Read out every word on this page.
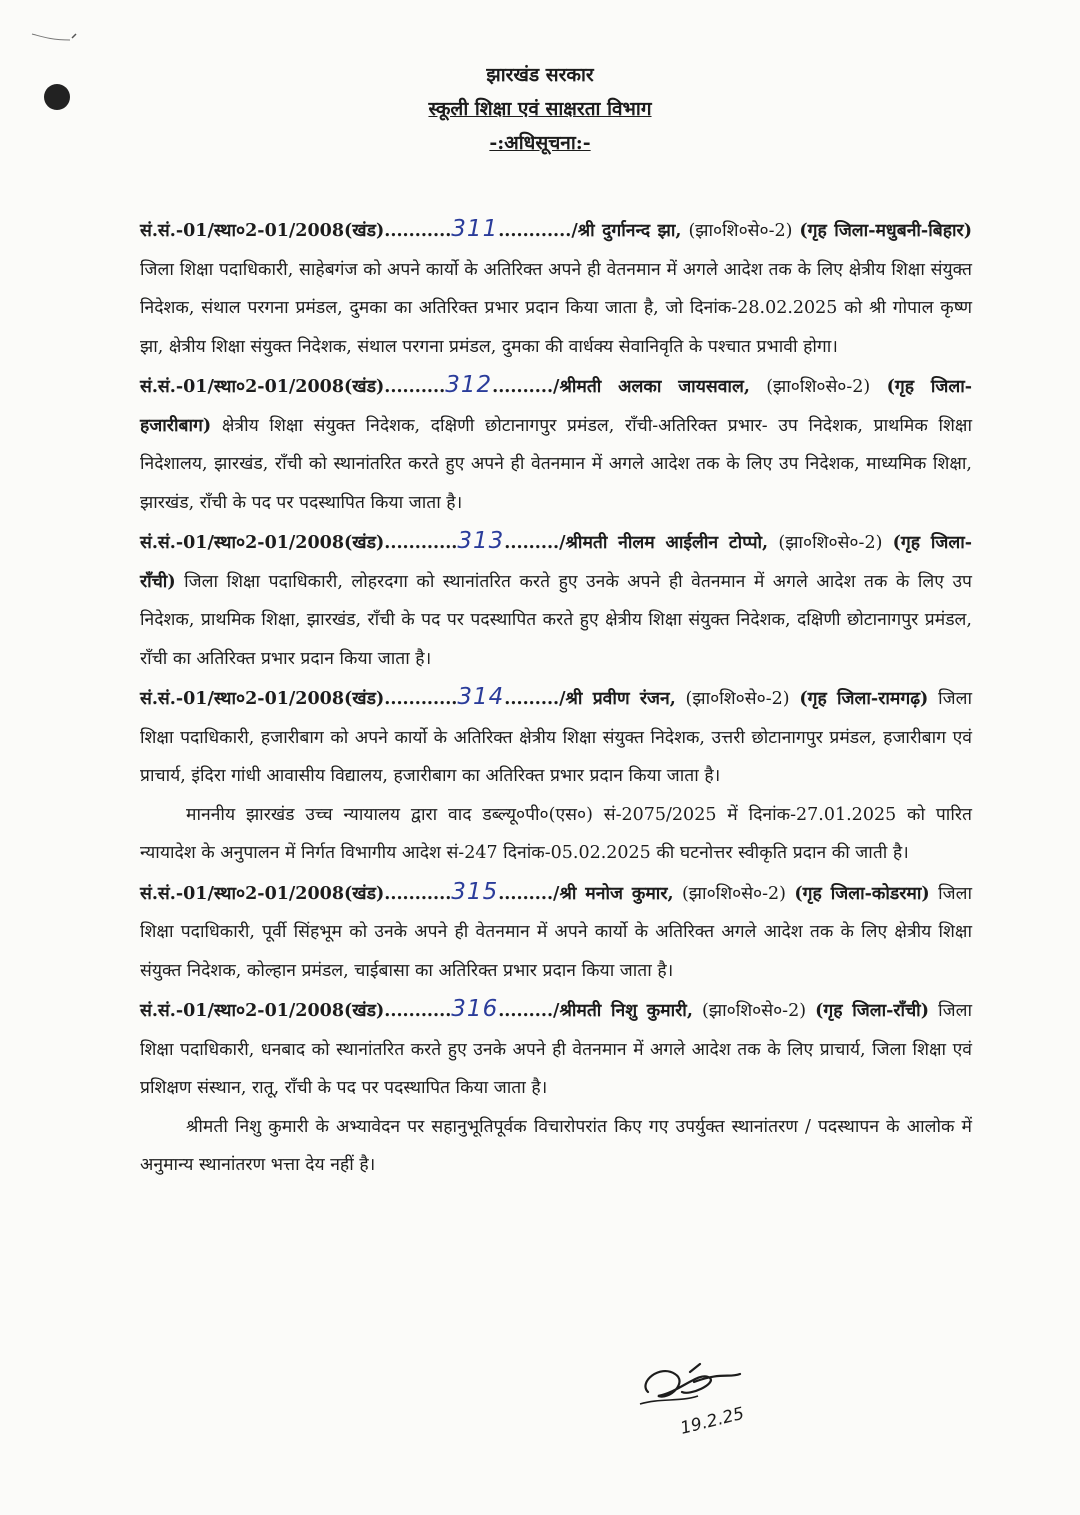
झारखंड सरकार
स्कूली शिक्षा एवं साक्षरता विभाग
-:अधिसूचना:-

सं.सं.-01/स्था०2-01/2008(खंड)...........311............/श्री दुर्गानन्द झा, (झा०शि०से०-2) (गृह जिला-मधुबनी-बिहार) जिला शिक्षा पदाधिकारी, साहेबगंज को अपने कार्यो के अतिरिक्त अपने ही वेतनमान में अगले आदेश तक के लिए क्षेत्रीय शिक्षा संयुक्त निदेशक, संथाल परगना प्रमंडल, दुमका का अतिरिक्त प्रभार प्रदान किया जाता है, जो दिनांक-28.02.2025 को श्री गोपाल कृष्ण झा, क्षेत्रीय शिक्षा संयुक्त निदेशक, संथाल परगना प्रमंडल, दुमका की वार्धक्य सेवानिवृति के पश्चात प्रभावी होगा।

सं.सं.-01/स्था०2-01/2008(खंड)..........312........../श्रीमती अलका जायसवाल, (झा०शि०से०-2) (गृह जिला-हजारीबाग) क्षेत्रीय शिक्षा संयुक्त निदेशक, दक्षिणी छोटानागपुर प्रमंडल, राँची-अतिरिक्त प्रभार- उप निदेशक, प्राथमिक शिक्षा निदेशालय, झारखंड, राँची को स्थानांतरित करते हुए अपने ही वेतनमान में अगले आदेश तक के लिए उप निदेशक, माध्यमिक शिक्षा, झारखंड, राँची के पद पर पदस्थापित किया जाता है।

सं.सं.-01/स्था०2-01/2008(खंड)............313........./श्रीमती नीलम आईलीन टोप्पो, (झा०शि०से०-2) (गृह जिला-राँची) जिला शिक्षा पदाधिकारी, लोहरदगा को स्थानांतरित करते हुए उनके अपने ही वेतनमान में अगले आदेश तक के लिए उप निदेशक, प्राथमिक शिक्षा, झारखंड, राँची के पद पर पदस्थापित करते हुए क्षेत्रीय शिक्षा संयुक्त निदेशक, दक्षिणी छोटानागपुर प्रमंडल, राँची का अतिरिक्त प्रभार प्रदान किया जाता है।

सं.सं.-01/स्था०2-01/2008(खंड)............314........./श्री प्रवीण रंजन, (झा०शि०से०-2) (गृह जिला-रामगढ़) जिला शिक्षा पदाधिकारी, हजारीबाग को अपने कार्यो के अतिरिक्त क्षेत्रीय शिक्षा संयुक्त निदेशक, उत्तरी छोटानागपुर प्रमंडल, हजारीबाग एवं प्राचार्य, इंदिरा गांधी आवासीय विद्यालय, हजारीबाग का अतिरिक्त प्रभार प्रदान किया जाता है।

माननीय झारखंड उच्च न्यायालय द्वारा वाद डब्ल्यू०पी०(एस०) सं-2075/2025 में दिनांक-27.01.2025 को पारित न्यायादेश के अनुपालन में निर्गत विभागीय आदेश सं-247 दिनांक-05.02.2025 की घटनोत्तर स्वीकृति प्रदान की जाती है।

सं.सं.-01/स्था०2-01/2008(खंड)...........315........./श्री मनोज कुमार, (झा०शि०से०-2) (गृह जिला-कोडरमा) जिला शिक्षा पदाधिकारी, पूर्वी सिंहभूम को उनके अपने ही वेतनमान में अपने कार्यो के अतिरिक्त अगले आदेश तक के लिए क्षेत्रीय शिक्षा संयुक्त निदेशक, कोल्हान प्रमंडल, चाईबासा का अतिरिक्त प्रभार प्रदान किया जाता है।

सं.सं.-01/स्था०2-01/2008(खंड)...........316........./श्रीमती निशु कुमारी, (झा०शि०से०-2) (गृह जिला-राँची) जिला शिक्षा पदाधिकारी, धनबाद को स्थानांतरित करते हुए उनके अपने ही वेतनमान में अगले आदेश तक के लिए प्राचार्य, जिला शिक्षा एवं प्रशिक्षण संस्थान, रातू, राँची के पद पर पदस्थापित किया जाता है।

श्रीमती निशु कुमारी के अभ्यावेदन पर सहानुभूतिपूर्वक विचारोपरांत किए गए उपर्युक्त स्थानांतरण / पदस्थापन के आलोक में अनुमान्य स्थानांतरण भत्ता देय नहीं है।

19.2.25
